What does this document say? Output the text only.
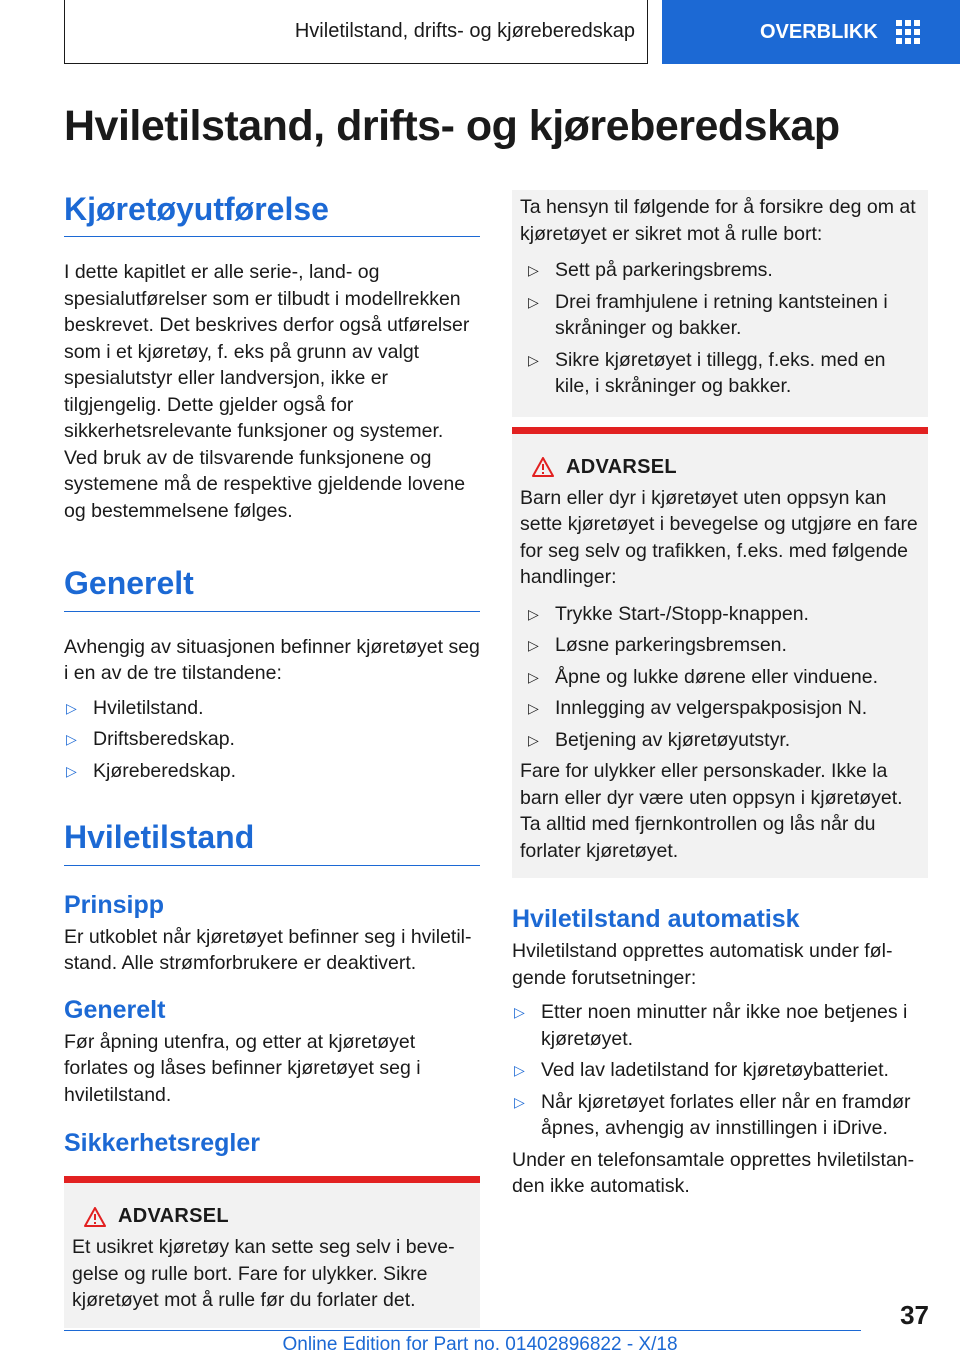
Hviletilstand, drifts- og kjøreberedskap	OVERBLIKK
Hviletilstand, drifts- og kjøreberedskap
Kjøretøyutførelse

I dette kapitlet er alle serie-, land- og spesialutførelser som er tilbudt i modellrekken beskrevet. Det beskrives derfor også utførelser som i et kjøretøy, f. eks på grunn av valgt spesialutstyr eller landversjon, ikke er tilgjengelig. Dette gjelder også for sikkerhetsrelevante funksjoner og systemer. Ved bruk av de tilsvarende funksjonene og systemene må de respektive gjeldende lovene og bestemmelsene følges.

Generelt

Avhengig av situasjonen befinner kjøretøyet seg i en av de tre tilstandene:

▷ Hviletilstand.
▷ Driftsberedskap.
▷ Kjøreberedskap.
Hviletilstand
Prinsipp

Er utkoblet når kjøretøyet befinner seg i hviletilstand. Alle strømforbrukere er deaktivert.

Generelt

Før åpning utenfra, og etter at kjøretøyet forlates og låses befinner kjøretøyet seg i hviletilstand.

Sikkerhetsregler
ADVARSEL

Et usikret kjøretøy kan sette seg selv i bevegelse og rulle bort. Fare for ulykker. Sikre kjøretøyet mot å rulle før du forlater det.

Ta hensyn til følgende for å forsikre deg om at kjøretøyet er sikret mot å rulle bort:

▷ Sett på parkeringsbrems.
▷ Drei framhjulene i retning kantsteinen i skråninger og bakker.
▷ Sikre kjøretøyet i tillegg, f.eks. med en kile, i skråninger og bakker.
ADVARSEL

Barn eller dyr i kjøretøyet uten oppsyn kan sette kjøretøyet i bevegelse og utgjøre en fare for seg selv og trafikken, f.eks. med følgende handlinger:

▷ Trykke Start-/Stopp-knappen.
▷ Løsne parkeringsbremsen.
▷ Åpne og lukke dørene eller vinduene.
▷ Innlegging av velgerspakposisjon N.
▷ Betjening av kjøretøyutstyr.

Fare for ulykker eller personskader. Ikke la barn eller dyr være uten oppsyn i kjøretøyet. Ta alltid med fjernkontrollen og lås når du forlater kjøretøyet.

Hviletilstand automatisk

Hviletilstand opprettes automatisk under følgende forutsetninger:

▷ Etter noen minutter når ikke noe betjenes i kjøretøyet.
▷ Ved lav ladetilstand for kjøretøybatteriet.
▷ Når kjøretøyet forlates eller når en framdør åpnes, avhengig av innstillingen i iDrive.

Under en telefonsamtale opprettes hviletilstanden ikke automatisk.

37
Online Edition for Part no. 01402896822 - X/18
